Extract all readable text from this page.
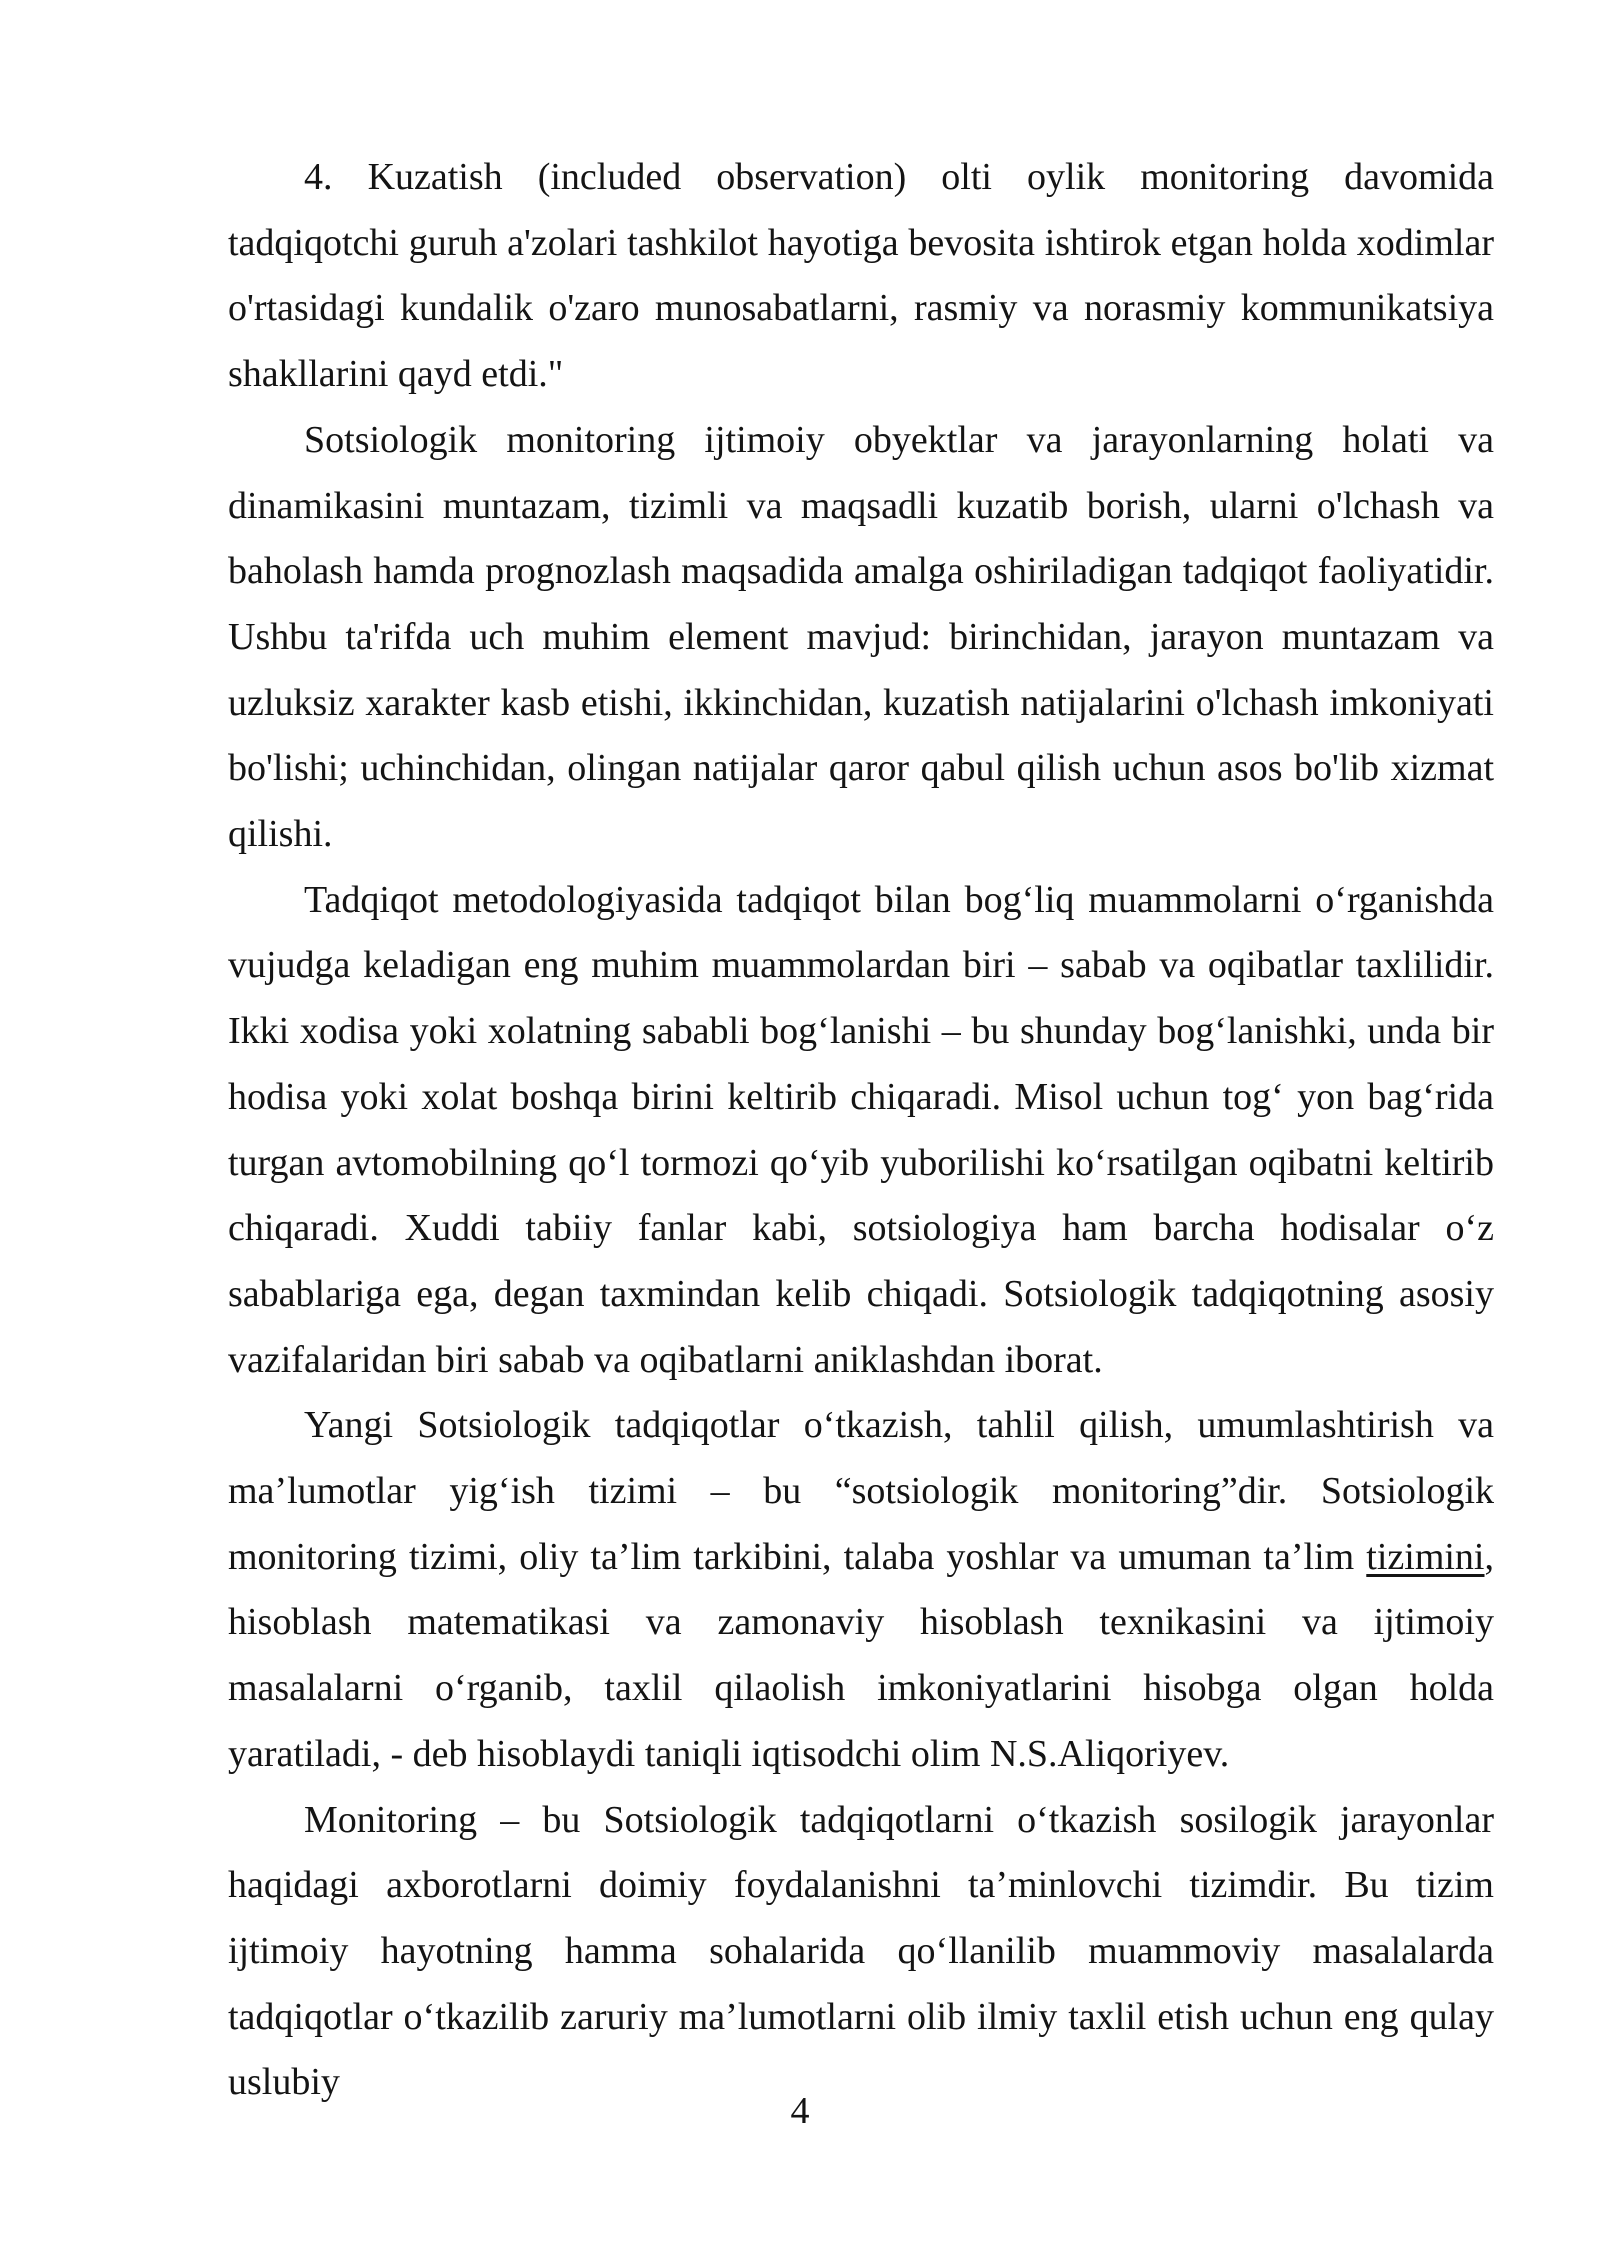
4. Kuzatish (included observation) olti oylik monitoring davomida tadqiqotchi guruh a'zolari tashkilot hayotiga bevosita ishtirok etgan holda xodimlar o'rtasidagi kundalik o'zaro munosabatlarni, rasmiy va norasmiy kommunikatsiya shakllarini qayd etdi."

Sotsiologik monitoring ijtimoiy obyektlar va jarayonlarning holati va dinamikasini muntazam, tizimli va maqsadli kuzatib borish, ularni o'lchash va baholash hamda prognozlash maqsadida amalga oshiriladigan tadqiqot faoliyatidir. Ushbu ta'rifda uch muhim element mavjud: birinchidan, jarayon muntazam va uzluksiz xarakter kasb etishi, ikkinchidan, kuzatish natijalarini o'lchash imkoniyati bo'lishi; uchinchidan, olingan natijalar qaror qabul qilish uchun asos bo'lib xizmat qilishi.

Tadqiqot metodologiyasida tadqiqot bilan bog‘liq muammolarni o‘rganishda vujudga keladigan eng muhim muammolardan biri – sabab va oqibatlar taxlilidir. Ikki xodisa yoki xolatning sababli bog‘lanishi – bu shunday bog‘lanishki, unda bir hodisa yoki xolat boshqa birini keltirib chiqaradi. Misol uchun tog‘ yon bag‘rida turgan avtomobilning qo‘l tormozi qo‘yib yuborilishi ko‘rsatilgan oqibatni keltirib chiqaradi. Xuddi tabiiy fanlar kabi, sotsiologiya ham barcha hodisalar o‘z sabablariga ega, degan taxmindan kelib chiqadi. Sotsiologik tadqiqotning asosiy vazifalaridan biri sabab va oqibatlarni aniklashdan iborat.

Yangi Sotsiologik tadqiqotlar o‘tkazish, tahlil qilish, umumlashtirish va ma’lumotlar yig‘ish tizimi – bu “sotsiologik monitoring”dir. Sotsiologik monitoring tizimi, oliy ta’lim tarkibini, talaba yoshlar va umuman ta’lim tizimini, hisoblash matematikasi va zamonaviy hisoblash texnikasini va ijtimoiy masalalarni o‘rganib, taxlil qilaolish imkoniyatlarini hisobga olgan holda yaratiladi, - deb hisoblaydi taniqli iqtisodchi olim N.S.Aliqoriyev.

Monitoring – bu Sotsiologik tadqiqotlarni o‘tkazish sosilogik jarayonlar haqidagi axborotlarni doimiy foydalanishni ta’minlovchi tizimdir. Bu tizim ijtimoiy hayotning hamma sohalarida qo‘llanilib muammoviy masalalarda tadqiqotlar o‘tkazilib zaruriy ma’lumotlarni olib ilmiy taxlil etish uchun eng qulay uslubiy

4
